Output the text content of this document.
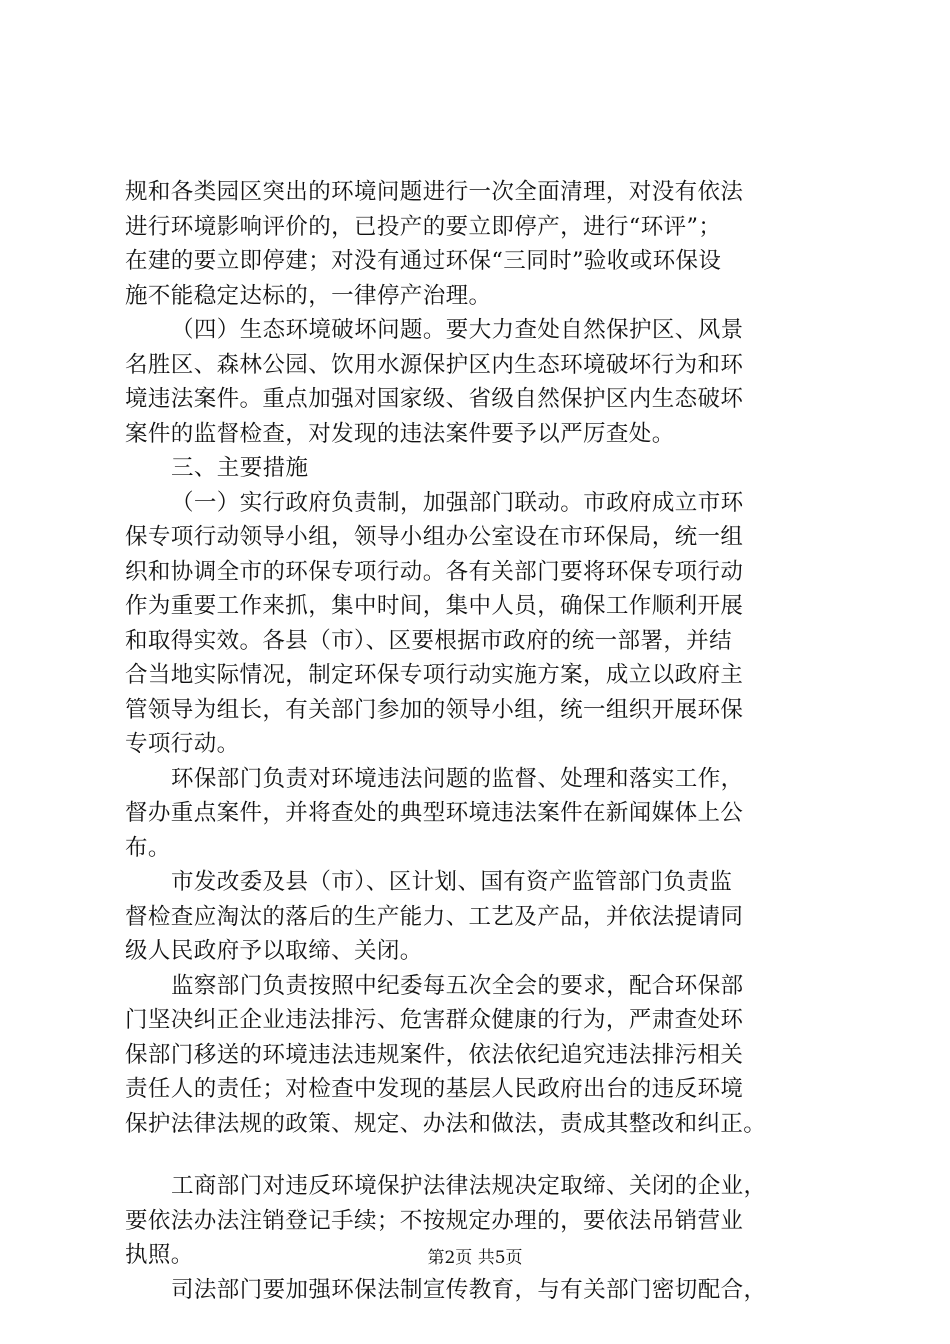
规和各类园区突出的环境问题进行一次全面清理，对没有依法
进行环境影响评价的，已投产的要立即停产，进行“环评”；
在建的要立即停建；对没有通过环保“三同时”验收或环保设
施不能稳定达标的，一律停产治理。
（四）生态环境破坏问题。要大力查处自然保护区、风景
名胜区、森林公园、饮用水源保护区内生态环境破坏行为和环
境违法案件。重点加强对国家级、省级自然保护区内生态破坏
案件的监督检查，对发现的违法案件要予以严厉查处。
三、主要措施
（一）实行政府负责制，加强部门联动。市政府成立市环
保专项行动领导小组，领导小组办公室设在市环保局，统一组
织和协调全市的环保专项行动。各有关部门要将环保专项行动
作为重要工作来抓，集中时间，集中人员，确保工作顺利开展
和取得实效。各县（市）、区要根据市政府的统一部署，并结
合当地实际情况，制定环保专项行动实施方案，成立以政府主
管领导为组长，有关部门参加的领导小组，统一组织开展环保
专项行动。
环保部门负责对环境违法问题的监督、处理和落实工作，
督办重点案件，并将查处的典型环境违法案件在新闻媒体上公
布。
市发改委及县（市）、区计划、国有资产监管部门负责监
督检查应淘汰的落后的生产能力、工艺及产品，并依法提请同
级人民政府予以取缔、关闭。
监察部门负责按照中纪委每五次全会的要求，配合环保部
门坚决纠正企业违法排污、危害群众健康的行为，严肃查处环
保部门移送的环境违法违规案件，依法依纪追究违法排污相关
责任人的责任；对检查中发现的基层人民政府出台的违反环境
保护法律法规的政策、规定、办法和做法，责成其整改和纠正。
工商部门对违反环境保护法律法规决定取缔、关闭的企业，
要依法办法注销登记手续；不按规定办理的，要依法吊销营业
执照。
司法部门要加强环保法制宣传教育，与有关部门密切配合，
第2页 共5页
